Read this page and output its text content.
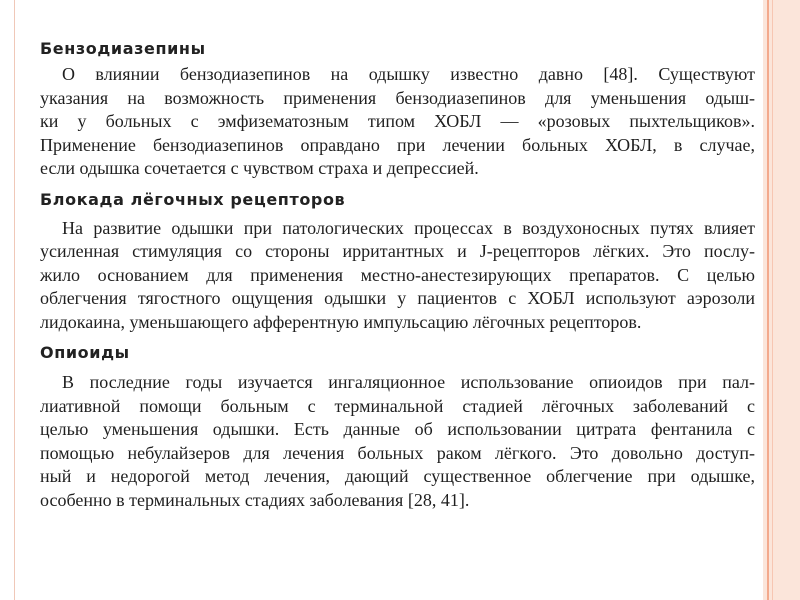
Бензодиазепины

О влиянии бензодиазепинов на одышку известно давно [48]. Существуют
указания на возможность применения бензодиазепинов для уменьшения одыш-
ки у больных с эмфизематозным типом ХОБЛ — «розовых пыхтельщиков».
Применение бензодиазепинов оправдано при лечении больных ХОБЛ, в случае,
если одышка сочетается с чувством страха и депрессией.

Блокада лёгочных рецепторов

На развитие одышки при патологических процессах в воздухоносных путях влияет
усиленная стимуляция со стороны ирритантных и J-рецепторов лёгких. Это послу-
жило основанием для применения местно-анестезирующих препаратов. С целью
облегчения тягостного ощущения одышки у пациентов с ХОБЛ используют аэрозоли
лидокаина, уменьшающего афферентную импульсацию лёгочных рецепторов.

Опиоиды

В последние годы изучается ингаляционное использование опиоидов при пал-
лиативной помощи больным с терминальной стадией лёгочных заболеваний с
целью уменьшения одышки. Есть данные об использовании цитрата фентанила с
помощью небулайзеров для лечения больных раком лёгкого. Это довольно доступ-
ный и недорогой метод лечения, дающий существенное облегчение при одышке,
особенно в терминальных стадиях заболевания [28, 41].
